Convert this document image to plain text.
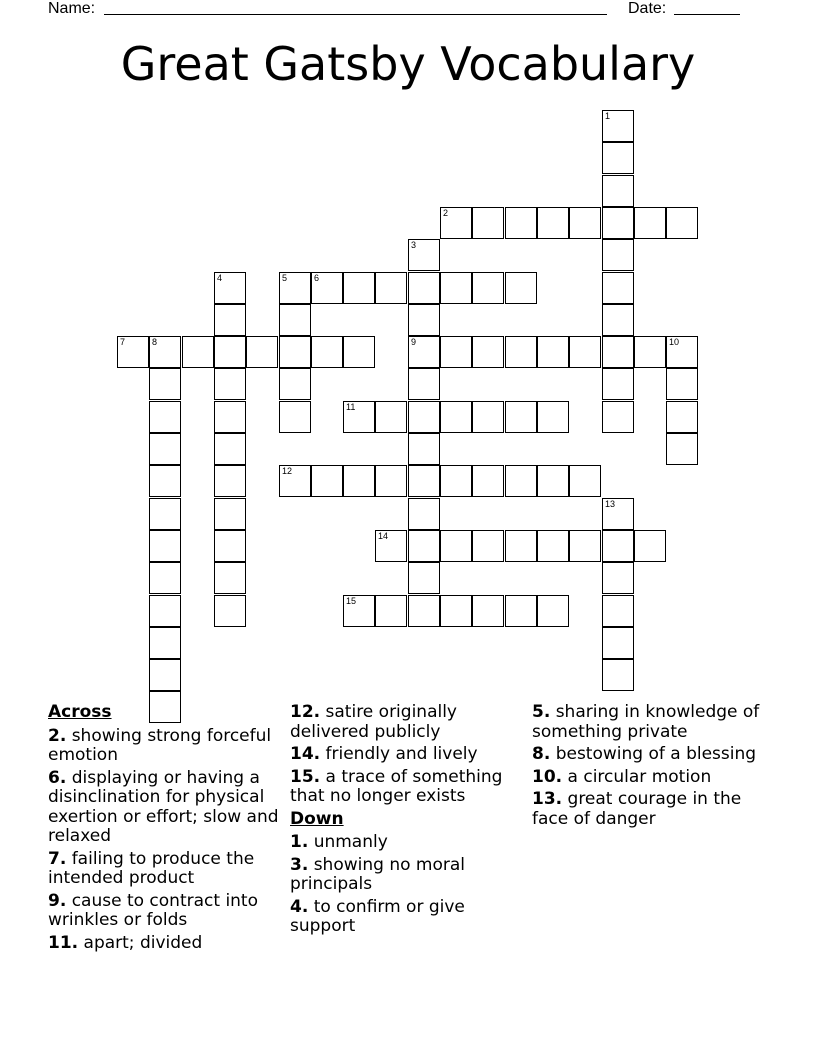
Name:	Date:
Great Gatsby Vocabulary
1
2
3
9
4	5	6
7	8	10
11
12
13
14
15
Across
2. showing strong forceful emotion
6. displaying or having a disinclination for physical exertion or effort; slow and relaxed
7. failing to produce the intended product
9. cause to contract into wrinkles or folds
11. apart; divided
12. satire originally delivered publicly
14. friendly and lively
15. a trace of something that no longer exists
Down
1. unmanly
3. showing no moral principals
4. to confirm or give support
5. sharing in knowledge of something private
8. bestowing of a blessing
10. a circular motion
13. great courage in the face of danger
